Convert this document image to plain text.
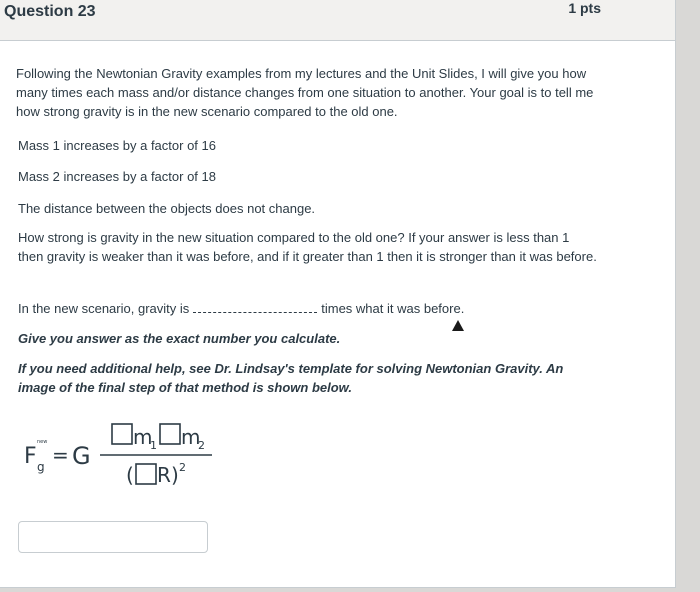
Question 23	1 pts
Following the Newtonian Gravity examples from my lectures and the Unit Slides, I will give you how many times each mass and/or distance changes from one situation to another. Your goal is to tell me how strong gravity is in the new scenario compared to the old one.
Mass 1 increases by a factor of 16
Mass 2 increases by a factor of 18
The distance between the objects does not change.
How strong is gravity in the new situation compared to the old one? If your answer is less than 1 then gravity is weaker than it was before, and if it greater than 1 then it is stronger than it was before.
In the new scenario, gravity is	times what it was before.
Give you answer as the exact number you calculate.
If you need additional help, see Dr. Lindsay's template for solving Newtonian Gravity. An image of the final step of that method is shown below.
F
new
g = G
m
1 m
2
( R ) 2
